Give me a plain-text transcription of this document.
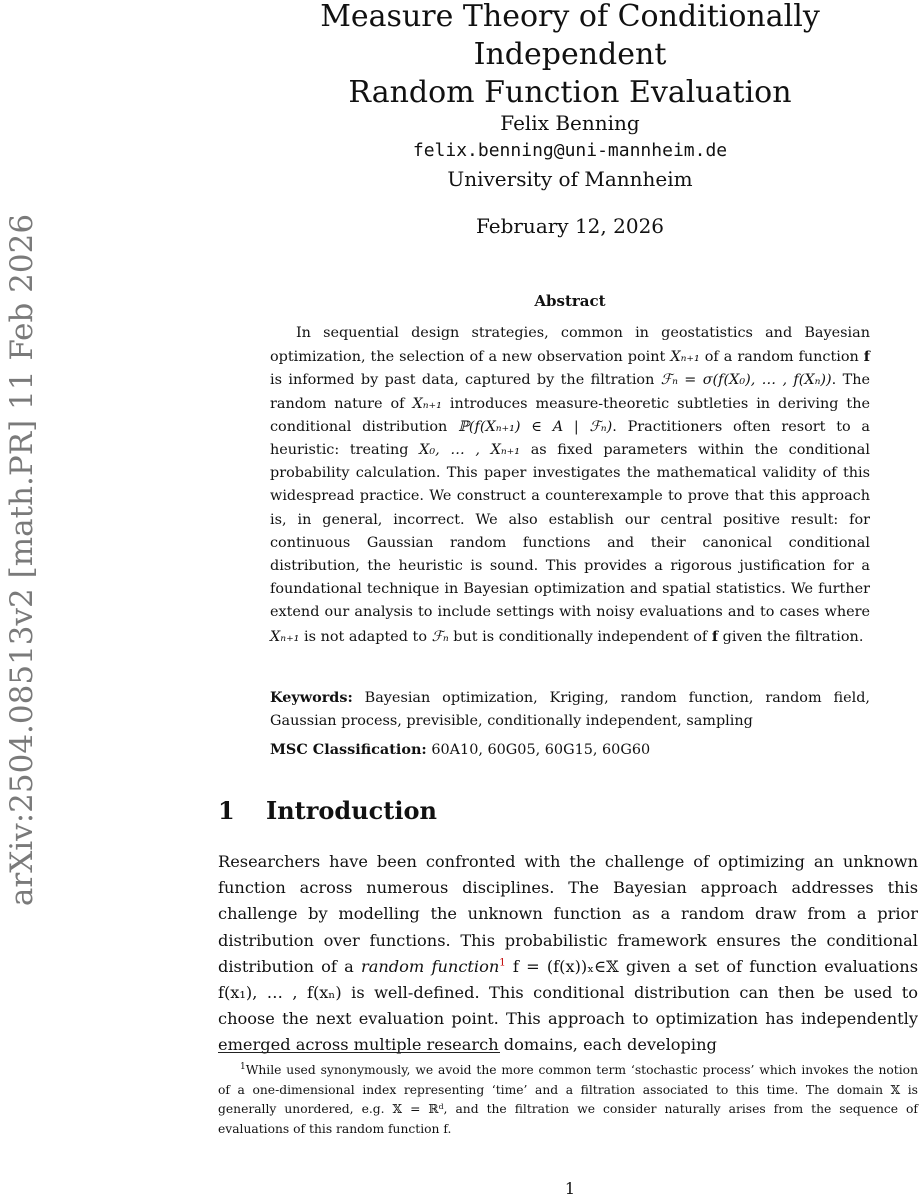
arXiv:2504.08513v2 [math.PR] 11 Feb 2026
Measure Theory of Conditionally Independent
Random Function Evaluation
Felix Benning
felix.benning@uni-mannheim.de
University of Mannheim
February 12, 2026
Abstract

In sequential design strategies, common in geostatistics and Bayesian optimization, the selection of a new observation point Xₙ₊₁ of a random function f is informed by past data, captured by the filtration ℱₙ = σ(f(X₀), … , f(Xₙ)). The random nature of Xₙ₊₁ introduces measure-theoretic subtleties in deriving the conditional distribution ℙ(f(Xₙ₊₁) ∈ A | ℱₙ). Practitioners often resort to a heuristic: treating X₀, … , Xₙ₊₁ as fixed parameters within the conditional probability calculation. This paper investigates the mathematical validity of this widespread practice. We construct a counterexample to prove that this approach is, in general, incorrect. We also establish our central positive result: for continuous Gaussian random functions and their canonical conditional distribution, the heuristic is sound. This provides a rigorous justification for a foundational technique in Bayesian optimization and spatial statistics. We further extend our analysis to include settings with noisy evaluations and to cases where Xₙ₊₁ is not adapted to ℱₙ but is conditionally independent of f given the filtration.

Keywords: Bayesian optimization, Kriging, random function, random field, Gaussian process, previsible, conditionally independent, sampling

MSC Classification: 60A10, 60G05, 60G15, 60G60

1 Introduction

Researchers have been confronted with the challenge of optimizing an unknown function across numerous disciplines. The Bayesian approach addresses this challenge by modelling the unknown function as a random draw from a prior distribution over functions. This probabilistic framework ensures the conditional distribution of a random function$^1$ f = (f(x))ₓ∈𝕏 given a set of function evaluations f(x₁), … , f(xₙ) is well-defined. This conditional distribution can then be used to choose the next evaluation point. This approach to optimization has independently emerged across multiple research domains, each developing

$^1$While used synonymously, we avoid the more common term ‘stochastic process’ which invokes the notion of a one-dimensional index representing ‘time’ and a filtration associated to this time. The domain 𝕏 is generally unordered, e.g. 𝕏 = ℝᵈ, and the filtration we consider naturally arises from the sequence of evaluations of this random function f.

1
